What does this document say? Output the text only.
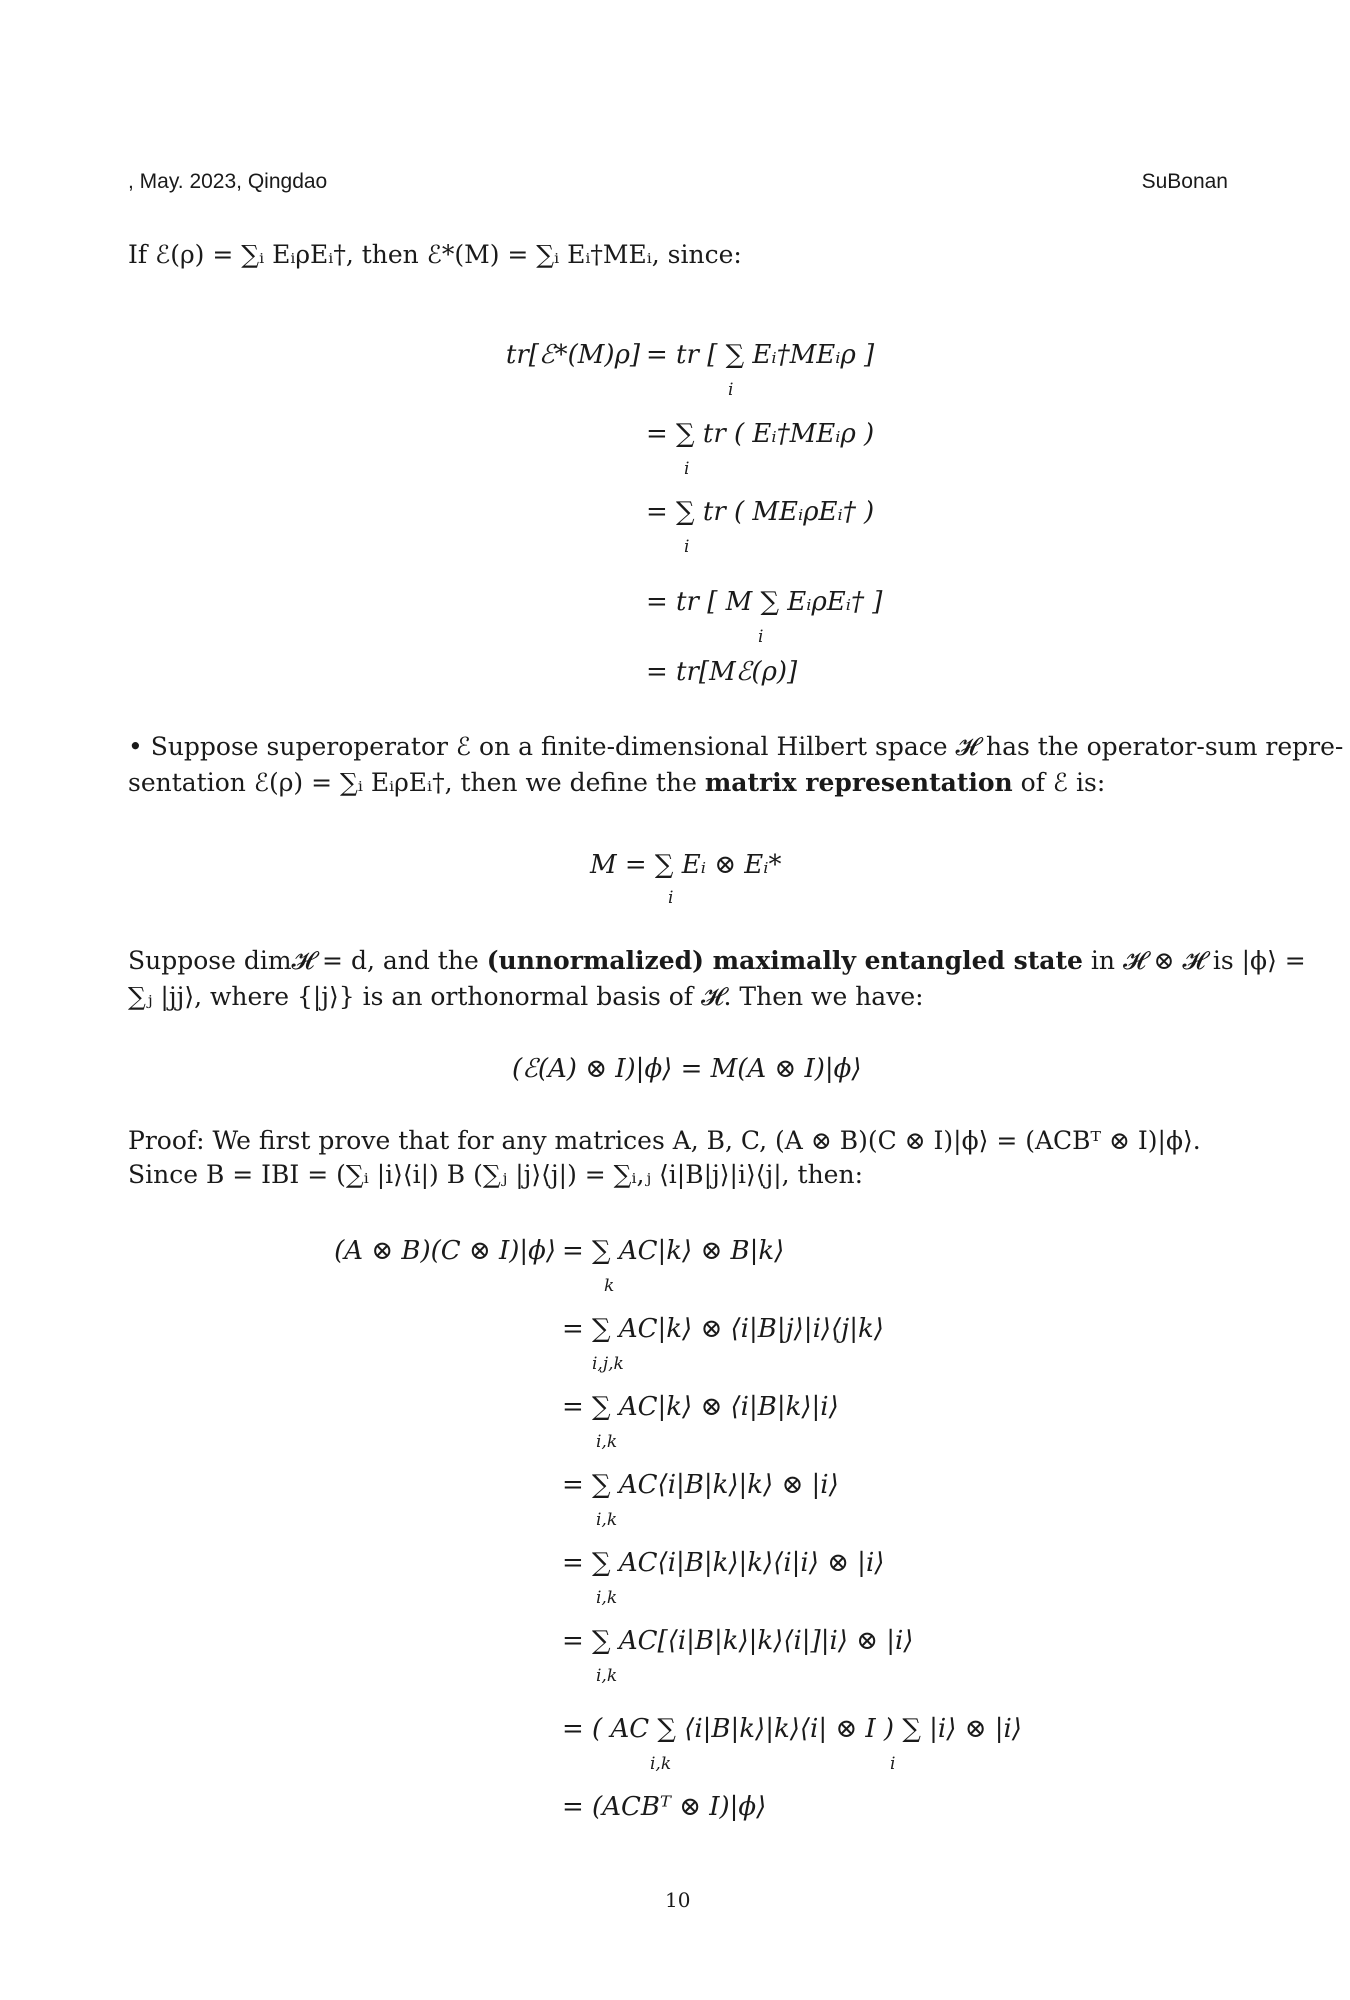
, May. 2023, Qingdao	SuBonan
If ℰ(ρ) = ∑ᵢ EᵢρEᵢ†, then ℰ*(M) = ∑ᵢ Eᵢ†MEᵢ, since:
tr[ℰ*(M)ρ] = tr [ ∑ Eᵢ†MEᵢρ ]
i
= ∑ tr ( Eᵢ†MEᵢρ )
i
= ∑ tr ( MEᵢρEᵢ† )
i
= tr [ M ∑ EᵢρEᵢ† ]
i
= tr[Mℰ(ρ)]
• Suppose superoperator ℰ on a finite-dimensional Hilbert space 𝓗 has the operator-sum repre-
sentation ℰ(ρ) = ∑ᵢ EᵢρEᵢ†, then we define the matrix representation of ℰ is:
M = ∑ Eᵢ ⊗ Eᵢ*
i
Suppose dim𝓗 = d, and the (unnormalized) maximally entangled state in 𝓗 ⊗ 𝓗 is |ϕ⟩ =
∑ⱼ |jj⟩, where {|j⟩} is an orthonormal basis of 𝓗. Then we have:
(ℰ(A) ⊗ I)|ϕ⟩ = M(A ⊗ I)|ϕ⟩
Proof: We first prove that for any matrices A, B, C, (A ⊗ B)(C ⊗ I)|ϕ⟩ = (ACBᵀ ⊗ I)|ϕ⟩.
Since B = IBI = (∑ᵢ |i⟩⟨i|) B (∑ⱼ |j⟩⟨j|) = ∑ᵢ,ⱼ ⟨i|B|j⟩|i⟩⟨j|, then:
(A ⊗ B)(C ⊗ I)|ϕ⟩ = ∑ AC|k⟩ ⊗ B|k⟩
k
= ∑ AC|k⟩ ⊗ ⟨i|B|j⟩|i⟩⟨j|k⟩
i,j,k
= ∑ AC|k⟩ ⊗ ⟨i|B|k⟩|i⟩
i,k
= ∑ AC⟨i|B|k⟩|k⟩ ⊗ |i⟩
i,k
= ∑ AC⟨i|B|k⟩|k⟩⟨i|i⟩ ⊗ |i⟩
i,k
= ∑ AC[⟨i|B|k⟩|k⟩⟨i|]|i⟩ ⊗ |i⟩
i,k
= ( AC ∑ ⟨i|B|k⟩|k⟩⟨i| ⊗ I ) ∑ |i⟩ ⊗ |i⟩
i,k	i
= (ACBᵀ ⊗ I)|ϕ⟩
10
